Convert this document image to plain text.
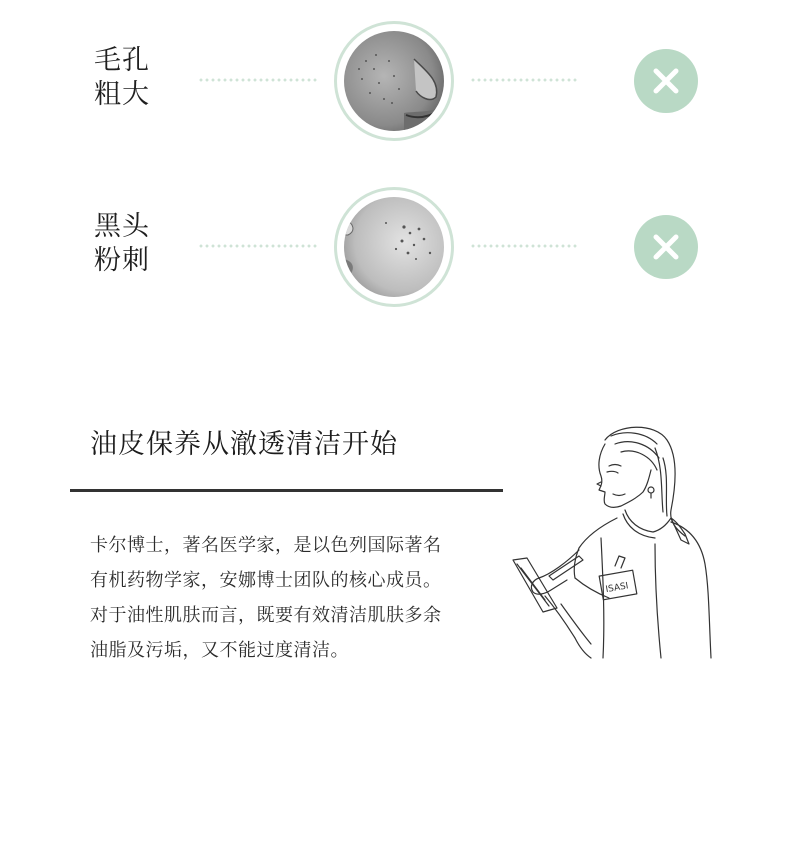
毛孔
粗大
黑头
粉刺
油皮保养从澈透清洁开始
卡尔博士，著名医学家，是以色列国际著名
有机药物学家，安娜博士团队的核心成员。
对于油性肌肤而言，既要有效清洁肌肤多余
油脂及污垢，又不能过度清洁。
ISASI
